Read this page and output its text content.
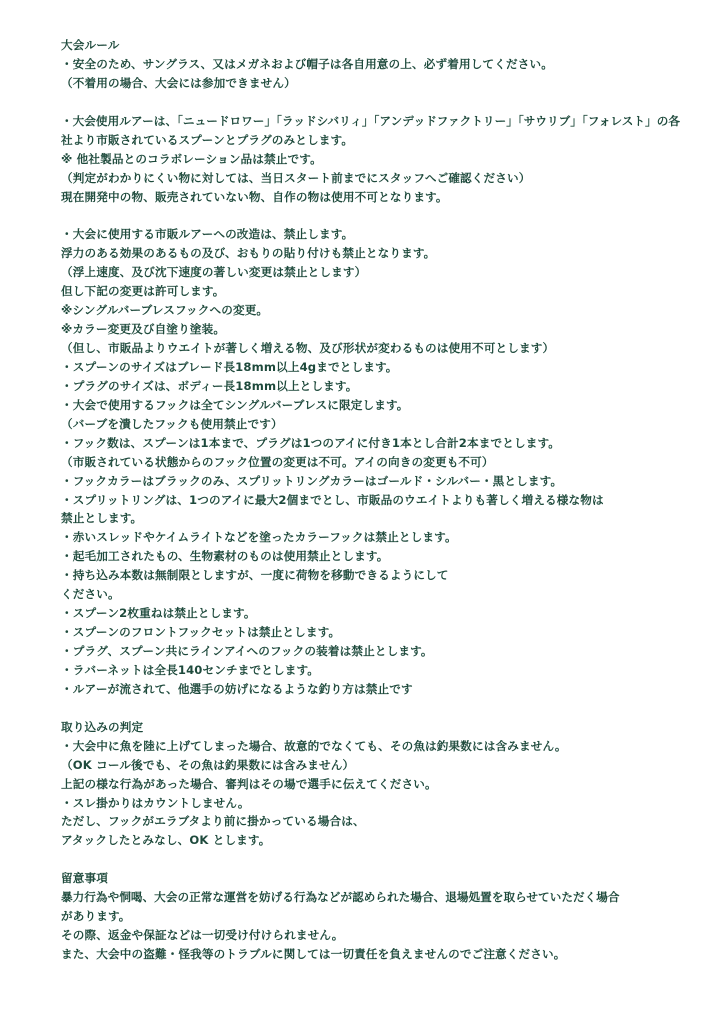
大会ルール
・安全のため、サングラス、又はメガネおよび帽子は各自用意の上、必ず着用してください。
（不着用の場合、大会には参加できません）
・大会使用ルアーは、「ニュードロワー」「ラッドシバリィ」「アンデッドファクトリー」「サウリブ」「フォレスト」の各
社より市販されているスプーンとプラグのみとします。
※ 他社製品とのコラボレーション品は禁止です。
（判定がわかりにくい物に対しては、当日スタート前までにスタッフへご確認ください）
現在開発中の物、販売されていない物、自作の物は使用不可となります。
・大会に使用する市販ルアーへの改造は、禁止します。
浮力のある効果のあるもの及び、おもりの貼り付けも禁止となります。
（浮上速度、及び沈下速度の著しい変更は禁止とします）
但し下記の変更は許可します。
※シングルバーブレスフックへの変更。
※カラー変更及び自塗り塗装。
（但し、市販品よりウエイトが著しく増える物、及び形状が変わるものは使用不可とします）
・スプーンのサイズはブレード長18mm以上4gまでとします。
・プラグのサイズは、ボディー長18mm以上とします。
・大会で使用するフックは全てシングルバーブレスに限定します。
（バーブを潰したフックも使用禁止です）
・フック数は、スプーンは1本まで、プラグは1つのアイに付き1本とし合計2本までとします。
（市販されている状態からのフック位置の変更は不可。アイの向きの変更も不可）
・フックカラーはブラックのみ、スプリットリングカラーはゴールド・シルバー・黒とします。
・スプリットリングは、1つのアイに最大2個までとし、市販品のウエイトよりも著しく増える様な物は
禁止とします。
・赤いスレッドやケイムライトなどを塗ったカラーフックは禁止とします。
・起毛加工されたもの、生物素材のものは使用禁止とします。
・持ち込み本数は無制限としますが、一度に荷物を移動できるようにして
ください。
・スプーン2枚重ねは禁止とします。
・スプーンのフロントフックセットは禁止とします。
・プラグ、スプーン共にラインアイへのフックの装着は禁止とします。
・ラバーネットは全長140センチまでとします。
・ルアーが流されて、他選手の妨げになるような釣り方は禁止です
取り込みの判定
・大会中に魚を陸に上げてしまった場合、故意的でなくても、その魚は釣果数には含みません。
（OK コール後でも、その魚は釣果数には含みません）
上記の様な行為があった場合、審判はその場で選手に伝えてください。
・スレ掛かりはカウントしません。
ただし、フックがエラブタより前に掛かっている場合は、
アタックしたとみなし、OK とします。
留意事項
暴力行為や恫喝、大会の正常な運営を妨げる行為などが認められた場合、退場処置を取らせていただく場合
があります。
その際、返金や保証などは一切受け付けられません。
また、大会中の盗難・怪我等のトラブルに関しては一切責任を負えませんのでご注意ください。
